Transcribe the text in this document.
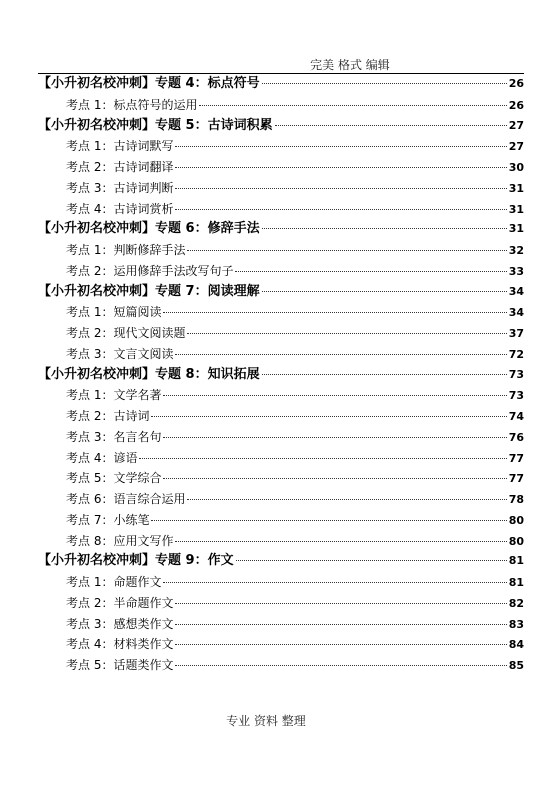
完美 格式 编辑
【小升初名校冲刺】专题 4：标点符号	26
考点 1：标点符号的运用	26
【小升初名校冲刺】专题 5：古诗词积累	27
考点 1：古诗词默写	27
考点 2：古诗词翻译	30
考点 3：古诗词判断	31
考点 4：古诗词赏析	31
【小升初名校冲刺】专题 6：修辞手法	31
考点 1：判断修辞手法	32
考点 2：运用修辞手法改写句子	33
【小升初名校冲刺】专题 7：阅读理解	34
考点 1：短篇阅读	34
考点 2：现代文阅读题	37
考点 3：文言文阅读	72
【小升初名校冲刺】专题 8：知识拓展	73
考点 1：文学名著	73
考点 2：古诗词	74
考点 3：名言名句	76
考点 4：谚语	77
考点 5：文学综合	77
考点 6：语言综合运用	78
考点 7：小练笔	80
考点 8：应用文写作	80
【小升初名校冲刺】专题 9：作文	81
考点 1：命题作文	81
考点 2：半命题作文	82
考点 3：感想类作文	83
考点 4：材料类作文	84
考点 5：话题类作文	85
专业 资料 整理
